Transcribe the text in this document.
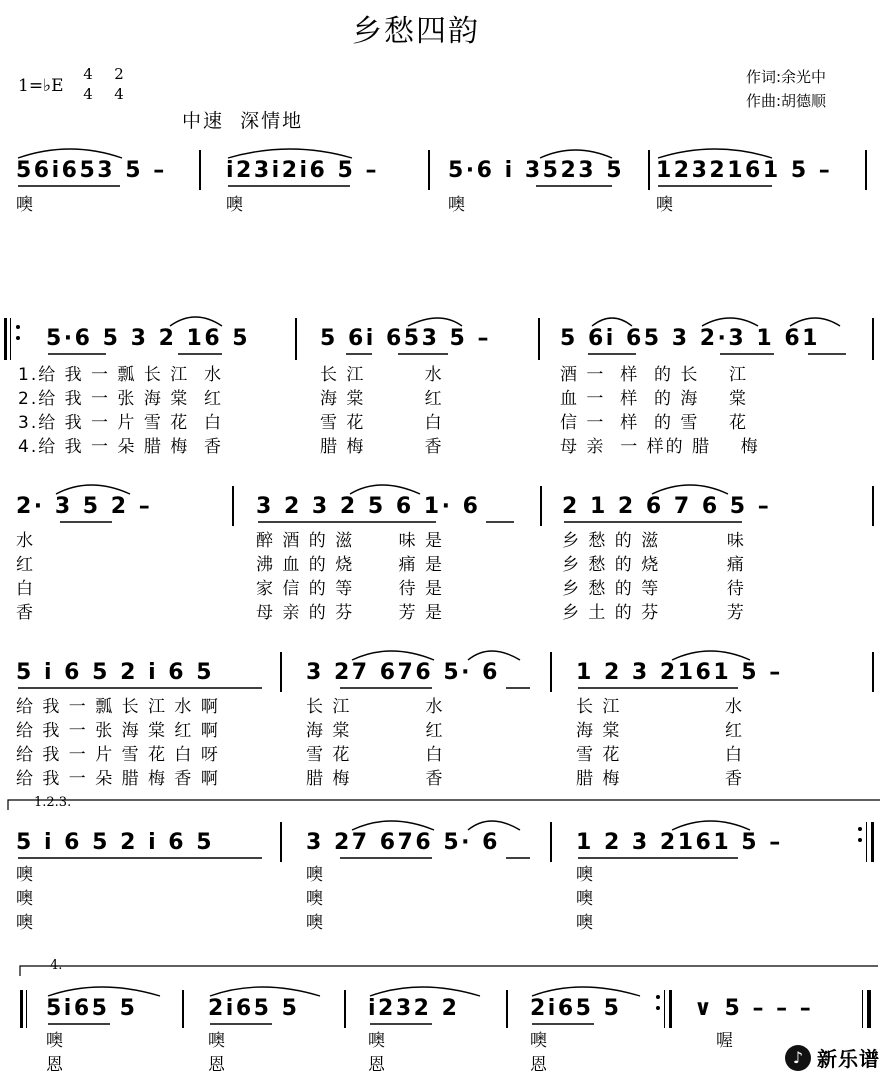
乡愁四韵
1=♭E
4
4
2
4
作词:余光中
作曲:胡德顺
中速  深情地
56i653 5 –
噢
i23i2i6 5 –
噢
5·6 i 3523 5
噢
1232161 5 –
噢
5·6 5 3 2 16 5
1.给 我 一 瓢 长 江  水
2.给 我 一 张 海 棠  红
3.给 我 一 片 雪 花  白
4.给 我 一 朵 腊 梅  香
5 6i 653 5 –
长 江        水
海 棠        红
雪 花        白
腊 梅        香
5 6i 65 3 2·3 1 61
酒 一  样  的 长    江
血 一  样  的 海    棠
信 一  样  的 雪    花
母 亲  一 样的 腊    梅
2· 3 5 2 –
水
红
白
香
3 2 3 2 5 6 1· 6
醉 酒 的 滋      味 是
沸 血 的 烧      痛 是
家 信 的 等      待 是
母 亲 的 芬      芳 是
2 1 2 6 7 6 5 –
乡 愁 的 滋         味
乡 愁 的 烧         痛
乡 愁 的 等         待
乡 土 的 芬         芳
5 i 6 5 2 i 6 5
给 我 一 瓢 长 江 水 啊
给 我 一 张 海 棠 红 啊
给 我 一 片 雪 花 白 呀
给 我 一 朵 腊 梅 香 啊
3 27 676 5· 6
长 江          水
海 棠          红
雪 花          白
腊 梅          香
1 2 3 2161 5 –
长 江              水
海 棠              红
雪 花              白
腊 梅              香
1.2.3.
5 i 6 5 2 i 6 5
噢
噢
噢
3 27 676 5· 6
噢
噢
噢
1 2 3 2161 5 –
噢
噢
噢
4.
5i65 5
噢
恩
2i65 5
噢
恩
i232 2
噢
恩
2i65 5
噢
恩
∨ 5 – – –
喔
♪ 新乐谱
